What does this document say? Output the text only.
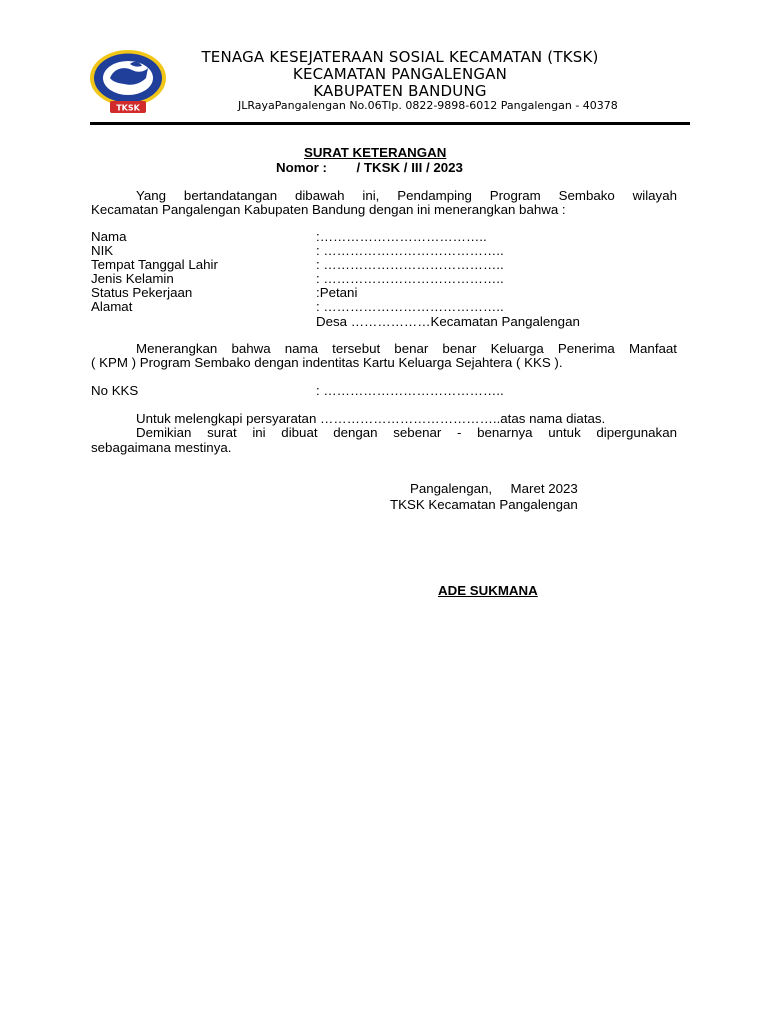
TKSK
TENAGA KESEJATERAAN SOSIAL KECAMATAN (TKSK)
KECAMATAN PANGALENGAN
KABUPATEN BANDUNG
JLRayaPangalengan No.06Tlp. 0822-9898-6012 Pangalengan - 40378
SURAT KETERANGAN
Nomor :        / TKSK / III / 2023
Yang bertandatangan dibawah ini, Pendamping Program Sembako wilayah
Kecamatan Pangalengan Kabupaten Bandung dengan ini menerangkan bahwa :
Nama	:………………………………..
NIK	: …………………………………..
Tempat Tanggal Lahir	: …………………………………..
Jenis Kelamin	: …………………………………..
Status Pekerjaan	:Petani
Alamat	: …………………………………..
Desa ………………Kecamatan Pangalengan
Menerangkan bahwa nama tersebut benar benar Keluarga Penerima Manfaat
( KPM ) Program Sembako dengan indentitas Kartu Keluarga Sejahtera ( KKS ).
No KKS	: …………………………………..
Untuk melengkapi persyaratan …………………………………..atas nama diatas.
Demikian surat ini dibuat dengan sebenar - benarnya untuk dipergunakan
sebagaimana mestinya.
Pangalengan,     Maret 2023
TKSK Kecamatan Pangalengan
ADE SUKMANA
